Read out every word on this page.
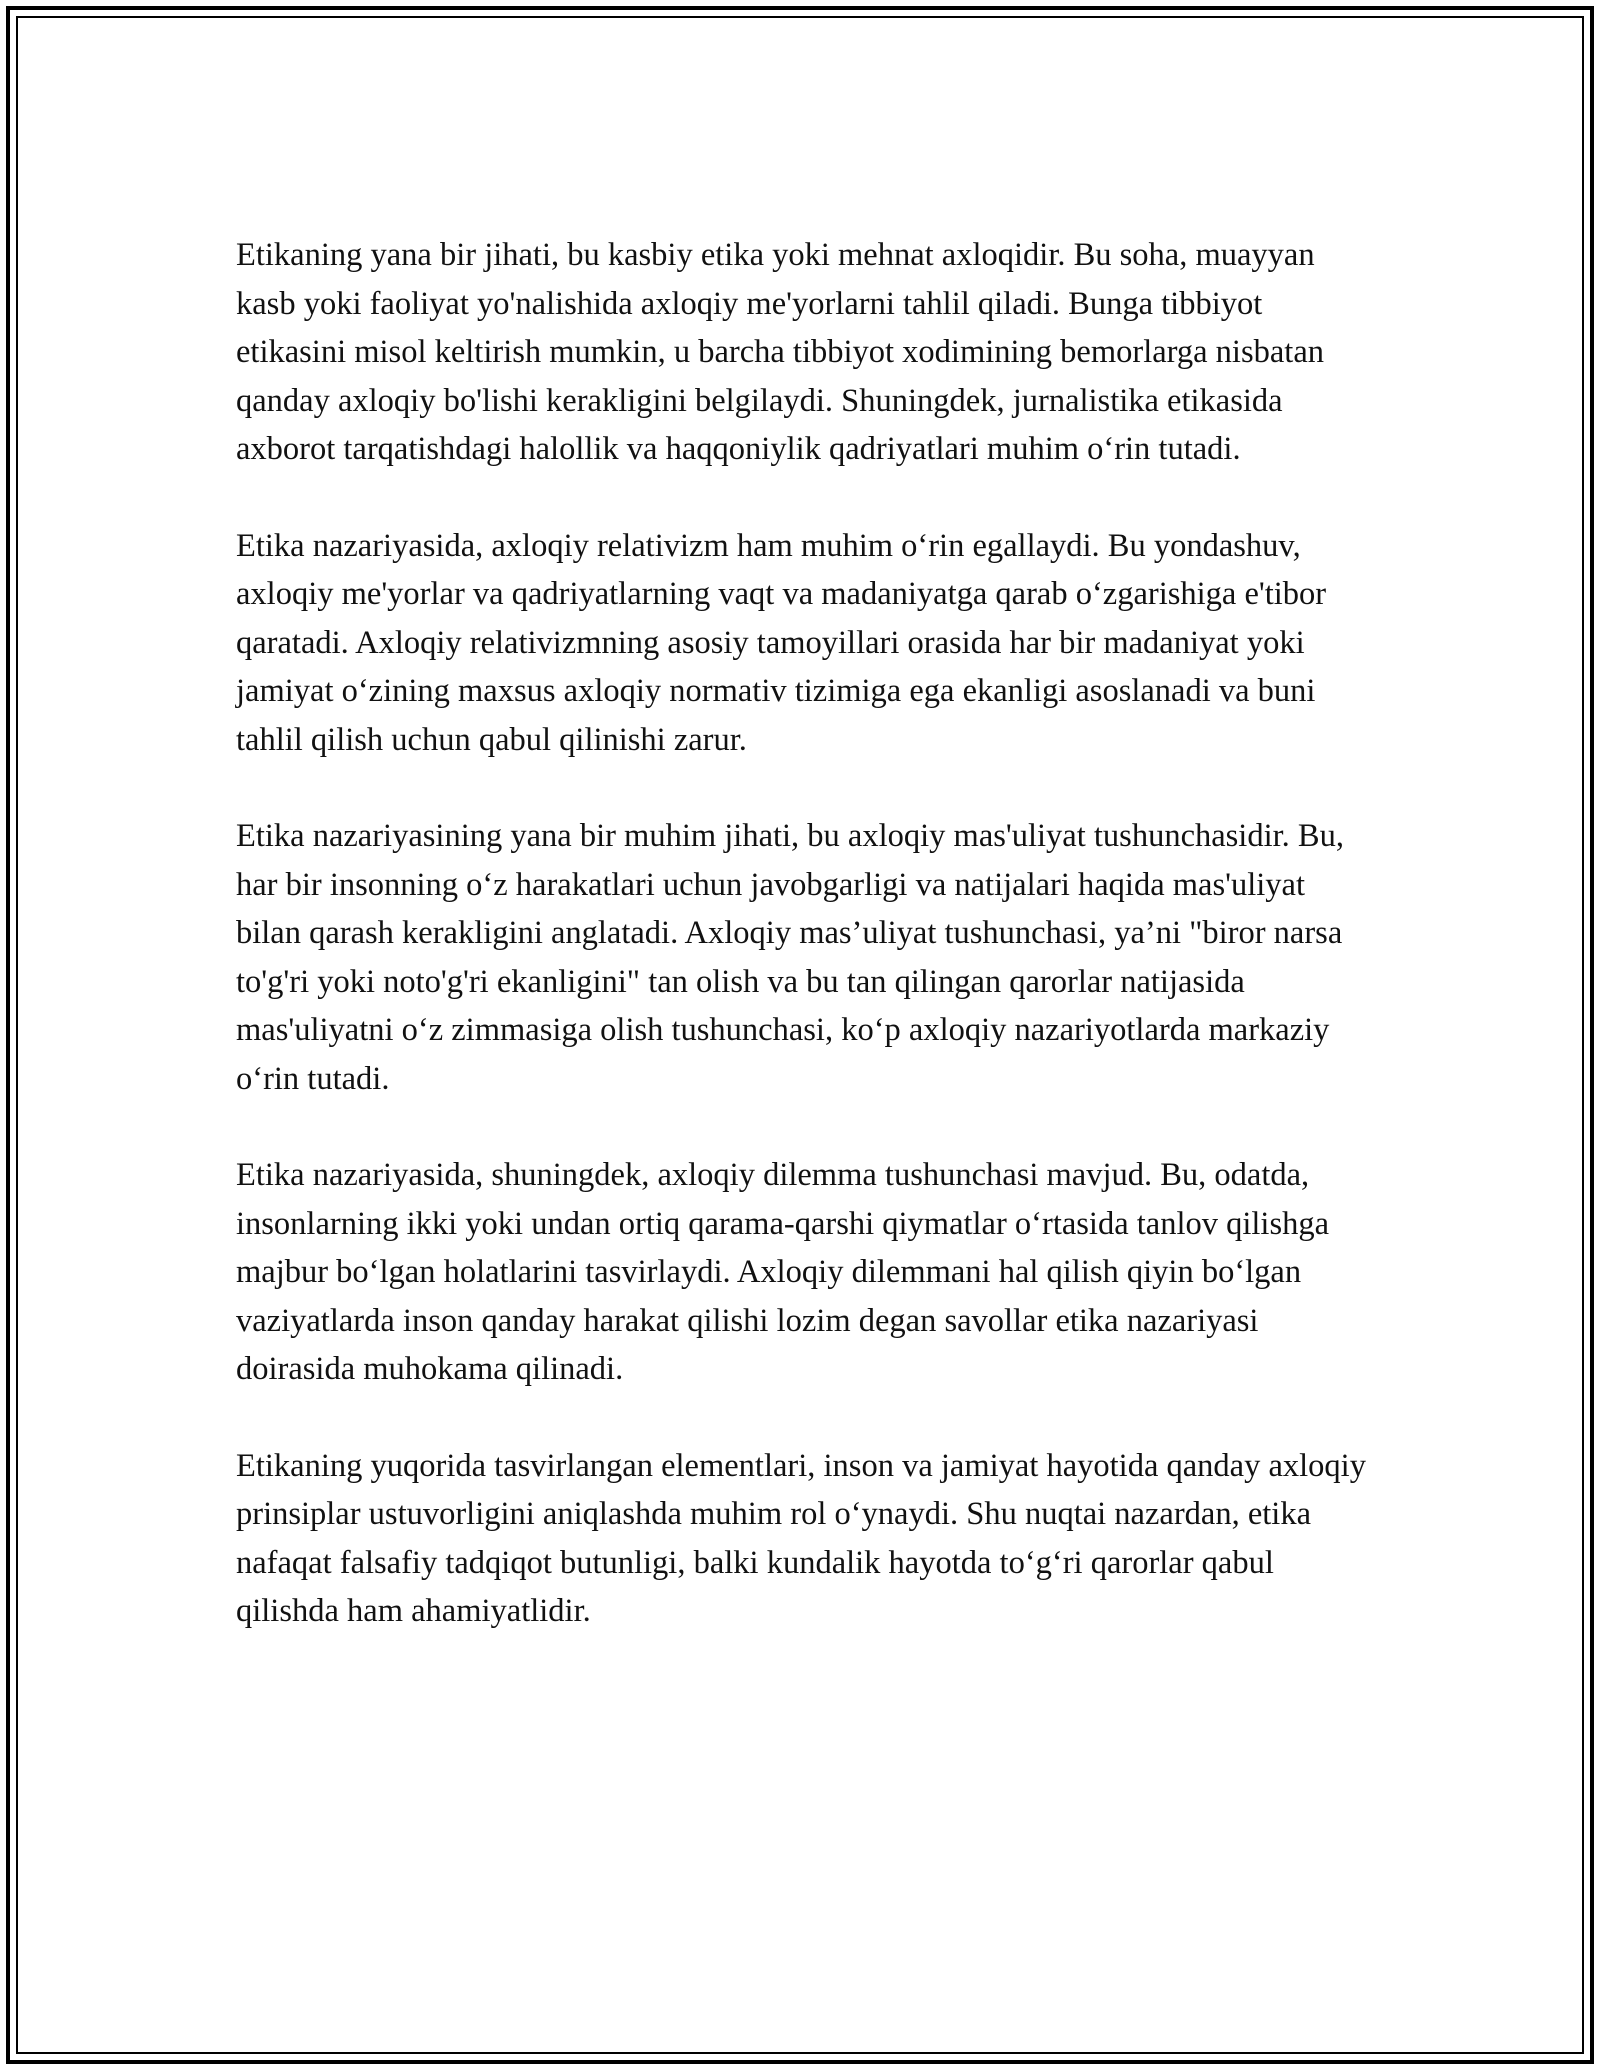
Etikaning yana bir jihati, bu kasbiy etika yoki mehnat axloqidir. Bu soha, muayyan kasb yoki faoliyat yo'nalishida axloqiy me'yorlarni tahlil qiladi. Bunga tibbiyot etikasini misol keltirish mumkin, u barcha tibbiyot xodimining bemorlarga nisbatan qanday axloqiy bo'lishi kerakligini belgilaydi. Shuningdek, jurnalistika etikasida axborot tarqatishdagi halollik va haqqoniylik qadriyatlari muhim oʻrin tutadi.

Etika nazariyasida, axloqiy relativizm ham muhim oʻrin egallaydi. Bu yondashuv, axloqiy me'yorlar va qadriyatlarning vaqt va madaniyatga qarab oʻzgarishiga e'tibor qaratadi. Axloqiy relativizmning asosiy tamoyillari orasida har bir madaniyat yoki jamiyat oʻzining maxsus axloqiy normativ tizimiga ega ekanligi asoslanadi va buni tahlil qilish uchun qabul qilinishi zarur.

Etika nazariyasining yana bir muhim jihati, bu axloqiy mas'uliyat tushunchasidir. Bu, har bir insonning oʻz harakatlari uchun javobgarligi va natijalari haqida mas'uliyat bilan qarash kerakligini anglatadi. Axloqiy mas’uliyat tushunchasi, ya’ni "biror narsa to'g'ri yoki noto'g'ri ekanligini" tan olish va bu tan qilingan qarorlar natijasida mas'uliyatni oʻz zimmasiga olish tushunchasi, koʻp axloqiy nazariyotlarda markaziy oʻrin tutadi.

Etika nazariyasida, shuningdek, axloqiy dilemma tushunchasi mavjud. Bu, odatda, insonlarning ikki yoki undan ortiq qarama-qarshi qiymatlar oʻrtasida tanlov qilishga majbur boʻlgan holatlarini tasvirlaydi. Axloqiy dilemmani hal qilish qiyin boʻlgan vaziyatlarda inson qanday harakat qilishi lozim degan savollar etika nazariyasi doirasida muhokama qilinadi.

Etikaning yuqorida tasvirlangan elementlari, inson va jamiyat hayotida qanday axloqiy prinsiplar ustuvorligini aniqlashda muhim rol oʻynaydi. Shu nuqtai nazardan, etika nafaqat falsafiy tadqiqot butunligi, balki kundalik hayotda toʻgʻri qarorlar qabul qilishda ham ahamiyatlidir.
